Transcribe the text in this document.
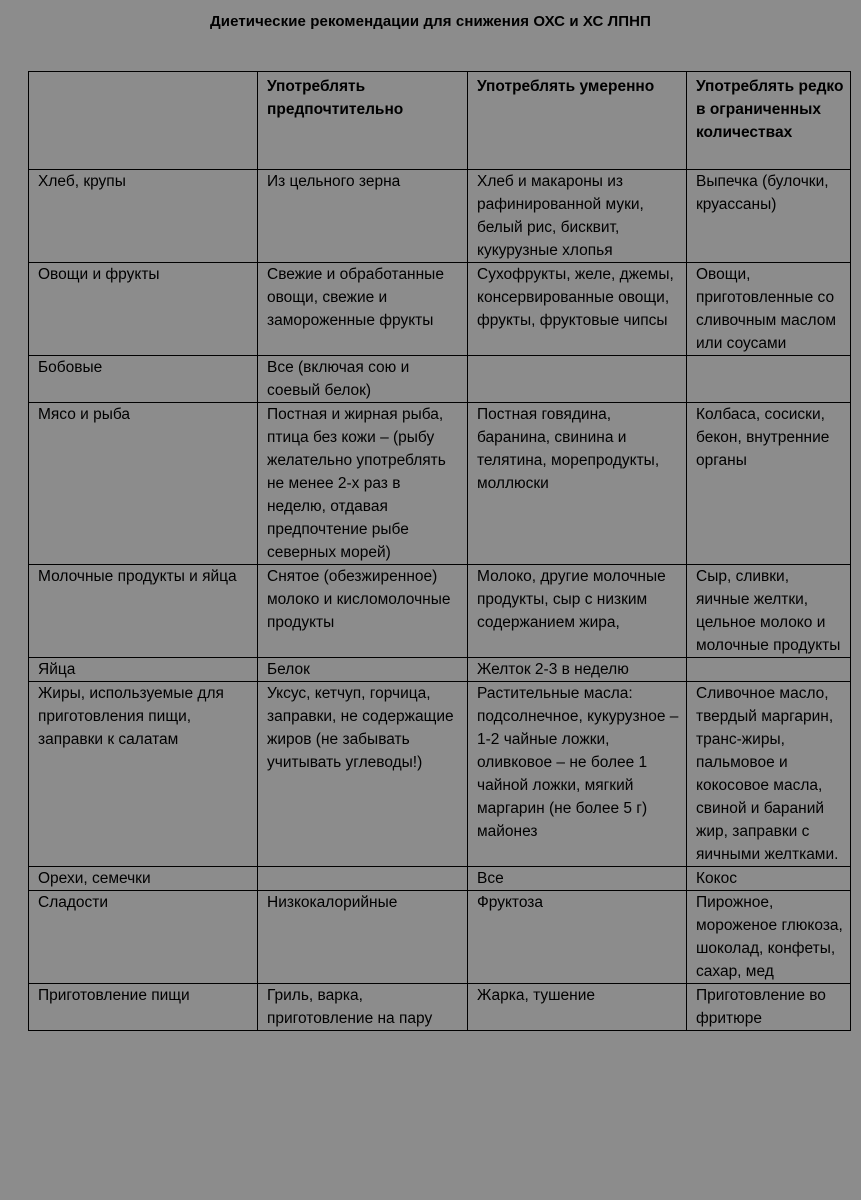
Диетические рекомендации для снижения ОХС и ХС ЛПНП
	Употреблять предпочтительно	Употреблять умеренно	Употреблять редко в ограниченных количествах
Хлеб, крупы	Из цельного зерна	Хлеб и макароны из рафинированной муки, белый рис, бисквит, кукурузные хлопья	Выпечка (булочки, круассаны)
Овощи и фрукты	Свежие и обработанные овощи, свежие и замороженные фрукты	Сухофрукты, желе, джемы, консервированные овощи, фрукты, фруктовые чипсы	Овощи, приготовленные со сливочным маслом или соусами
Бобовые	Все (включая сою и соевый белок)		
Мясо и рыба	Постная и жирная рыба, птица без кожи – (рыбу желательно употреблять не менее 2-х раз в неделю, отдавая предпочтение рыбе северных морей)	Постная говядина, баранина, свинина и телятина, морепродукты, моллюски	Колбаса, сосиски, бекон, внутренние органы
Молочные продукты и яйца	Снятое (обезжиренное) молоко и кисломолочные продукты	Молоко, другие молочные продукты, сыр с низким содержанием жира,	Сыр, сливки, яичные желтки, цельное молоко и молочные продукты
Яйца	Белок	Желток 2-3 в неделю	
Жиры, используемые для приготовления пищи, заправки к салатам	Уксус, кетчуп, горчица, заправки, не содержащие жиров (не забывать учитывать углеводы!)	Растительные масла: подсолнечное, кукурузное – 1-2 чайные ложки, оливковое – не более 1 чайной ложки, мягкий маргарин (не более 5 г) майонез	Сливочное масло, твердый маргарин, транс-жиры, пальмовое и кокосовое масла, свиной и бараний жир, заправки с яичными желтками.
Орехи, семечки		Все	Кокос
Сладости	Низкокалорийные	Фруктоза	Пирожное, мороженое глюкоза, шоколад, конфеты, сахар, мед
Приготовление пищи	Гриль, варка, приготовление на пару	Жарка, тушение	Приготовление во фритюре
